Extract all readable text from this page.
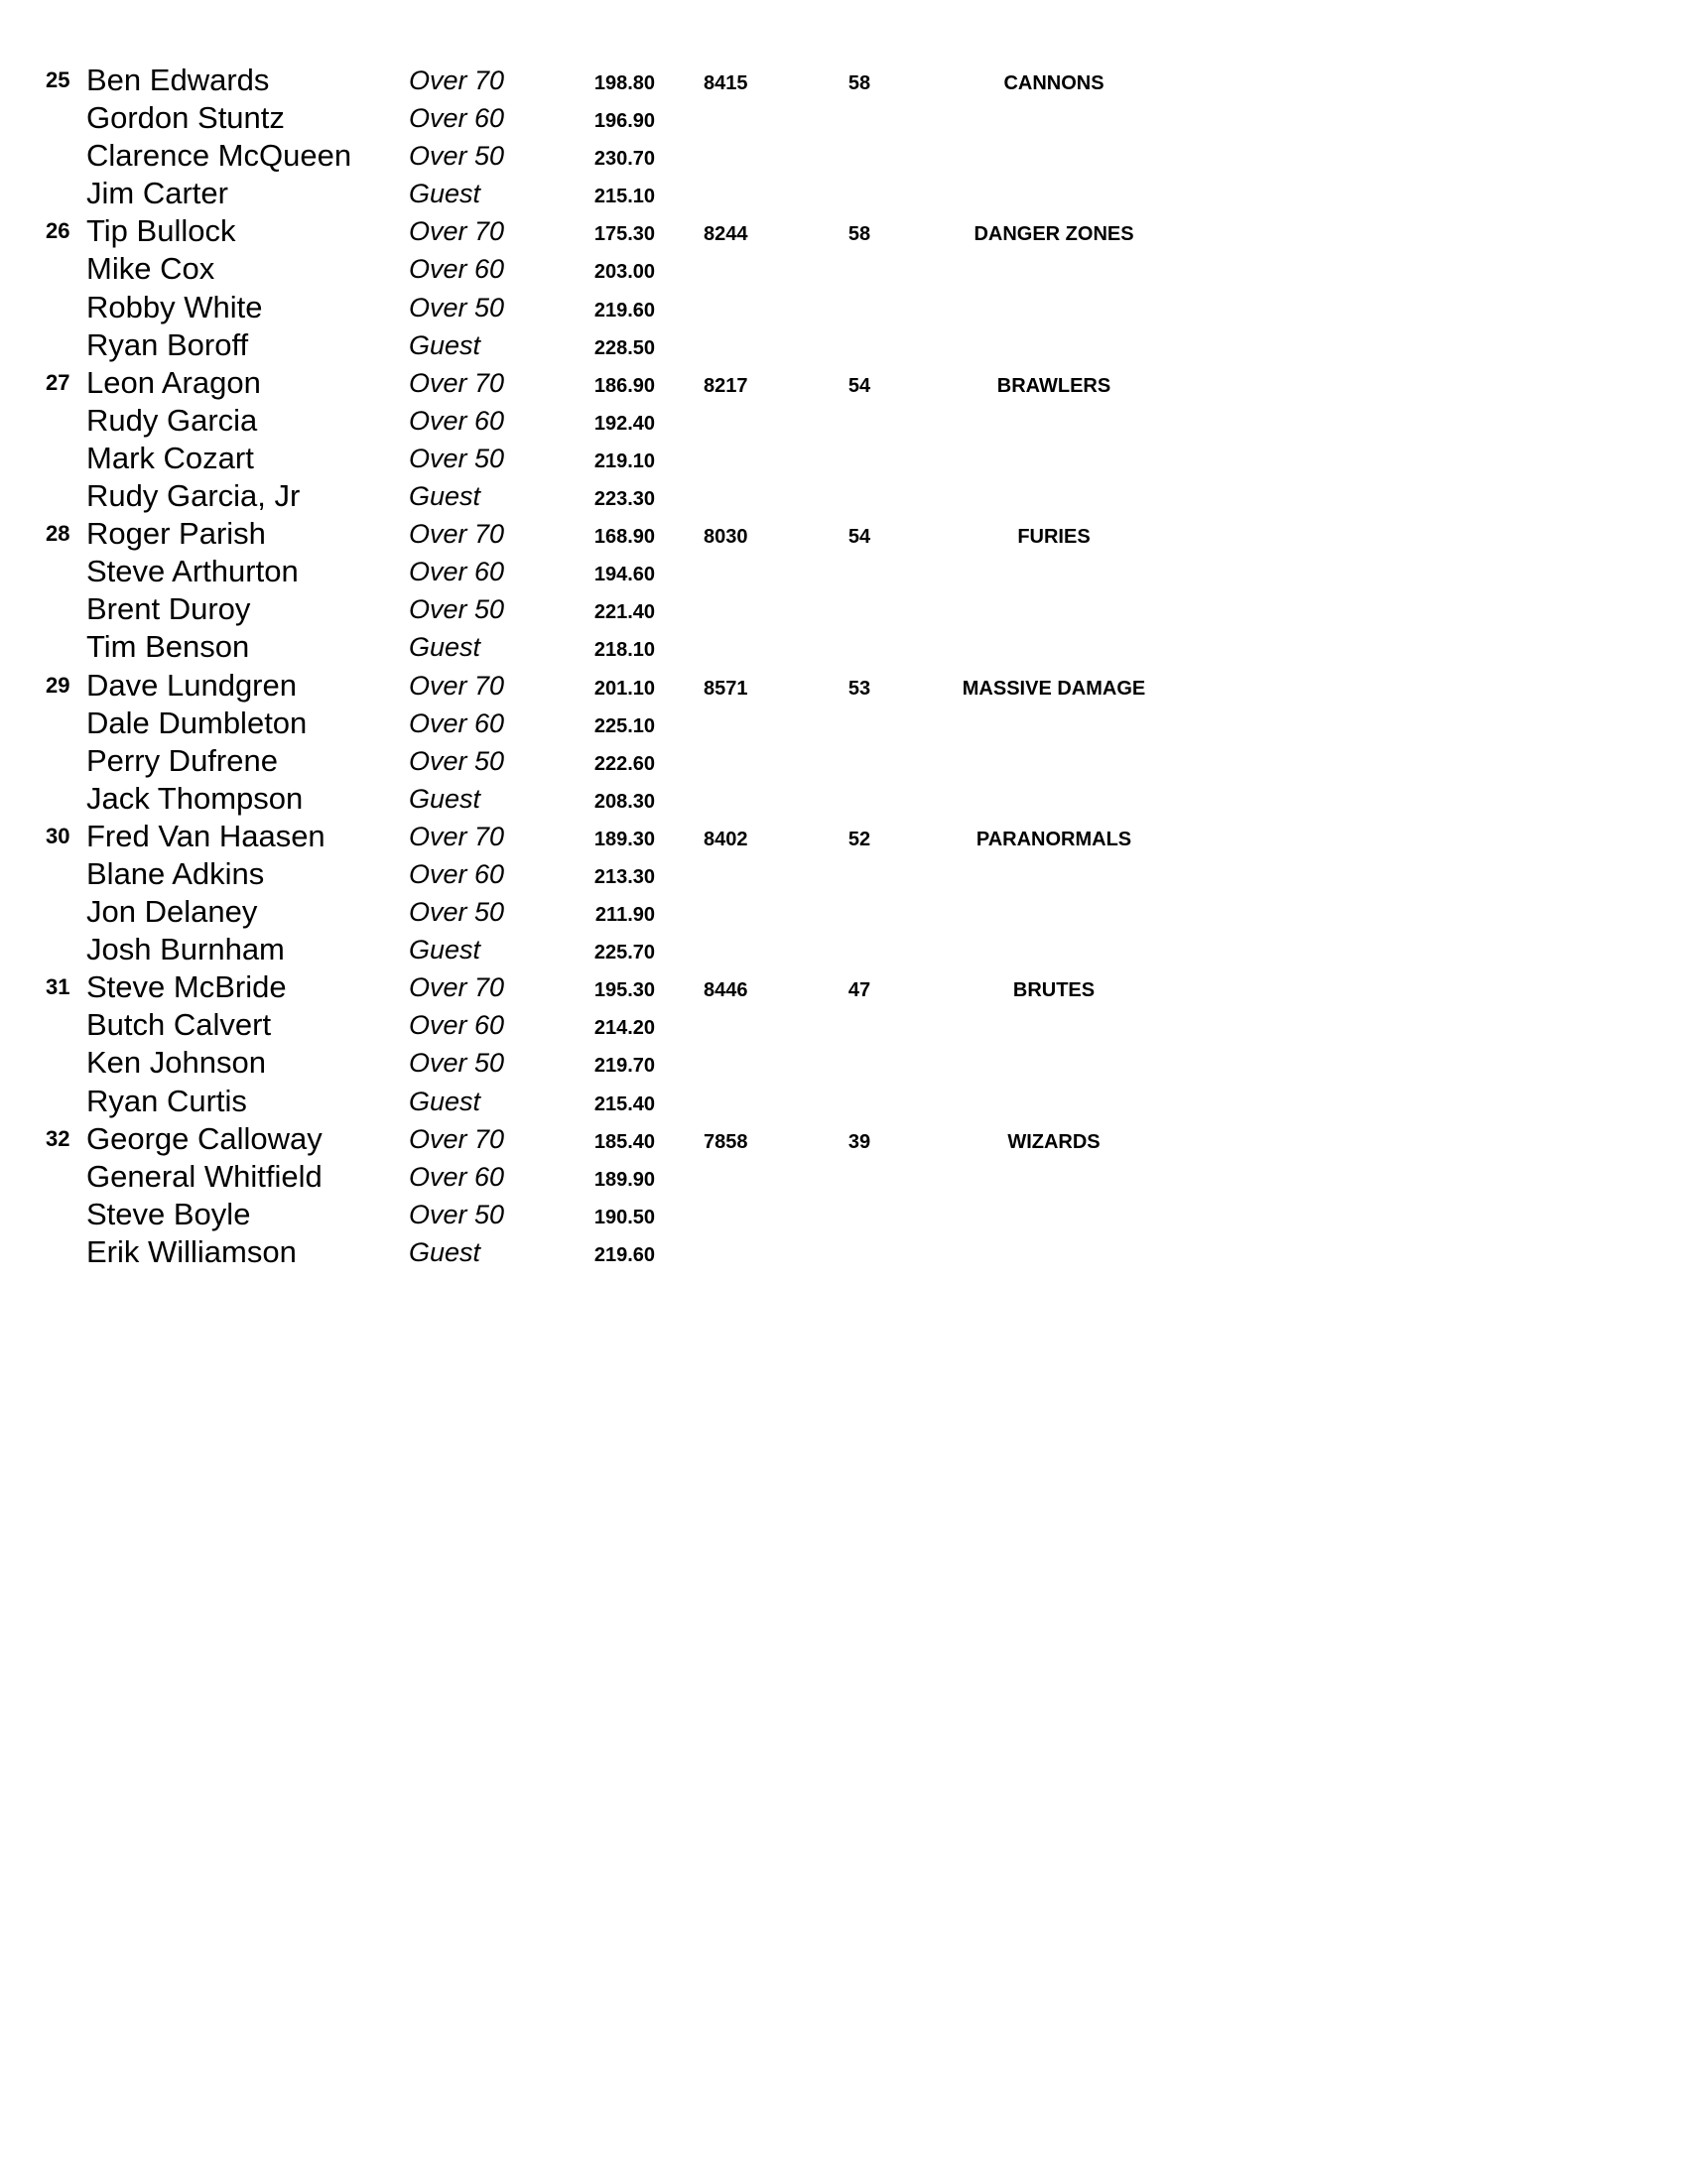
25 Ben Edwards	Over 70	198.80 8415	58	CANNONS
Gordon Stuntz	Over 60	196.90
Clarence McQueen Over 50	230.70
Jim Carter	Guest	215.10
26 Tip Bullock	Over 70	175.30 8244	58	DANGER ZONES
Mike Cox	Over 60	203.00
Robby White	Over 50	219.60
Ryan Boroff	Guest	228.50
27 Leon Aragon	Over 70	186.90 8217	54	BRAWLERS
Rudy Garcia	Over 60	192.40
Mark Cozart	Over 50	219.10
Rudy Garcia, Jr	Guest	223.30
28 Roger Parish	Over 70	168.90 8030	54	FURIES
Steve Arthurton	Over 60	194.60
Brent Duroy	Over 50	221.40
Tim Benson	Guest	218.10
29 Dave Lundgren	Over 70	201.10 8571	53	MASSIVE DAMAGE
Dale Dumbleton	Over 60	225.10
Perry Dufrene	Over 50	222.60
Jack Thompson	Guest	208.30
30 Fred Van Haasen	Over 70	189.30 8402	52	PARANORMALS
Blane Adkins	Over 60	213.30
Jon Delaney	Over 50	211.90
Josh Burnham	Guest	225.70
31 Steve McBride	Over 70	195.30 8446	47	BRUTES
Butch Calvert	Over 60	214.20
Ken Johnson	Over 50	219.70
Ryan Curtis	Guest	215.40
32 George Calloway	Over 70	185.40 7858	39	WIZARDS
General Whitfield	Over 60	189.90
Steve Boyle	Over 50	190.50
Erik Williamson	Guest	219.60
